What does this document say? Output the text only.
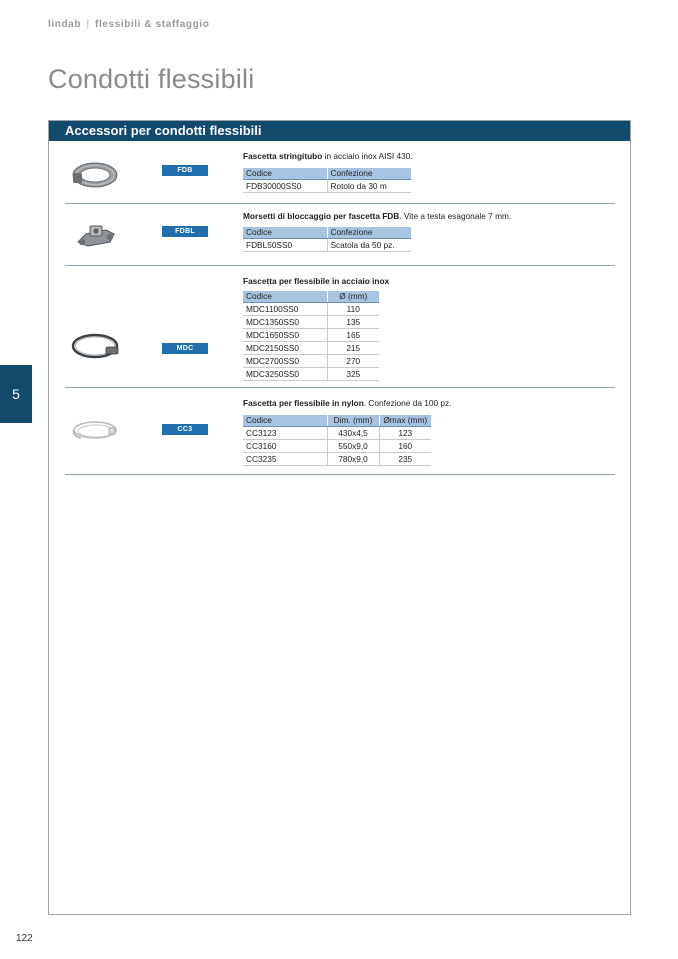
lindab | flessibili & staffaggio
Condotti flessibili
5
122
Accessori per condotti flessibili
FDB
Fascetta stringitubo in acciaio inox AISI 430.
Codice	Confezione
FDB30000SS0	Rotolo da 30 m
FDBL
Morsetti di bloccaggio per fascetta FDB. Vite a testa esagonale 7 mm.
Codice	Confezione
FDBL50SS0	Scatola da 50 pz.
MDC
Fascetta per flessibile in acciaio inox
Codice	Ø (mm)
MDC1100SS0	110
MDC1350SS0	135
MDC1650SS0	165
MDC2150SS0	215
MDC2700SS0	270
MDC3250SS0	325
CC3
Fascetta per flessibile in nylon. Confezione da 100 pz.
Codice	Dim. (mm)	Ømax (mm)
CC3123	430x4,5	123
CC3160	550x9,0	160
CC3235	780x9,0	235
